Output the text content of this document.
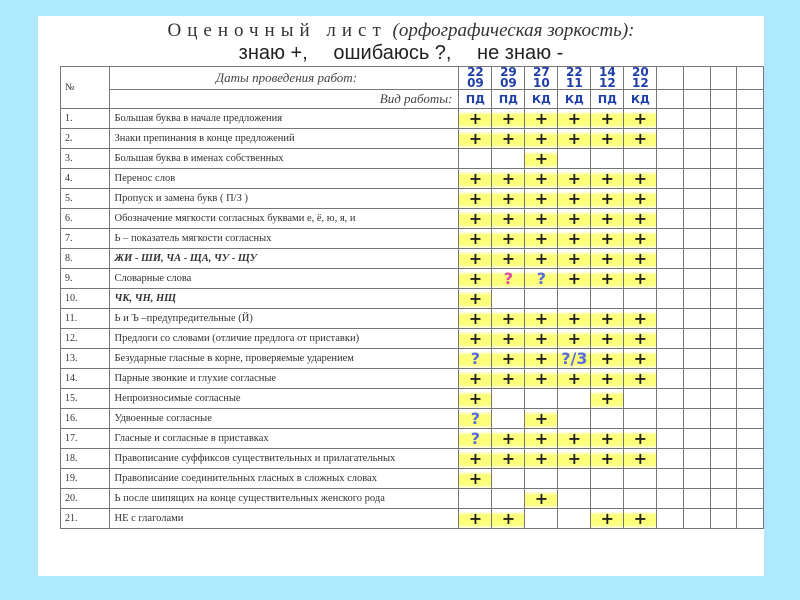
Оценочный лист (орфографическая зоркость):
знаю +, ошибаюсь ?, не знаю -
№	Даты проведения работ:	22 09	29 09	27 10	22 11	14 12	20 12				
	Вид работы:	ПД	ПД	КД	КД	ПД	КД				
1.	Большая буква в начале предложения	+	+	+	+	+	+				
2.	Знаки препинания в конце предложений	+	+	+	+	+	+				
3.	Большая буква в именах собственных			+							
4.	Перенос слов	+	+	+	+	+	+				
5.	Пропуск и замена букв ( П/З )	+	+	+	+	+	+				
6.	Обозначение мягкости согласных буквами е, ё, ю, я, и	+	+	+	+	+	+				
7.	Ь – показатель мягкости согласных	+	+	+	+	+	+				
8.	ЖИ - ШИ, ЧА - ЩА, ЧУ - ЩУ	+	+	+	+	+	+				
9.	Словарные слова	+	?	?	+	+	+				
10.	ЧК, ЧН, НЩ	+									
11.	Ь и Ъ –предупредительные (Й)	+	+	+	+	+	+				
12.	Предлоги со словами (отличие предлога от приставки)	+	+	+	+	+	+				
13.	Безударные гласные в корне, проверяемые ударением	?	+	+	?/3	+	+				
14.	Парные звонкие и глухие согласные	+	+	+	+	+	+				
15.	Непроизносимые согласные	+				+					
16.	Удвоенные согласные	?		+							
17.	Гласные и согласные в приставках	?	+	+	+	+	+				
18.	Правописание суффиксов существительных и прилагательных	+	+	+	+	+	+				
19.	Правописание соединительных гласных в сложных словах	+									
20.	Ь после шипящих на конце существительных женского рода			+							
21.	НЕ с глаголами	+	+			+	+				
